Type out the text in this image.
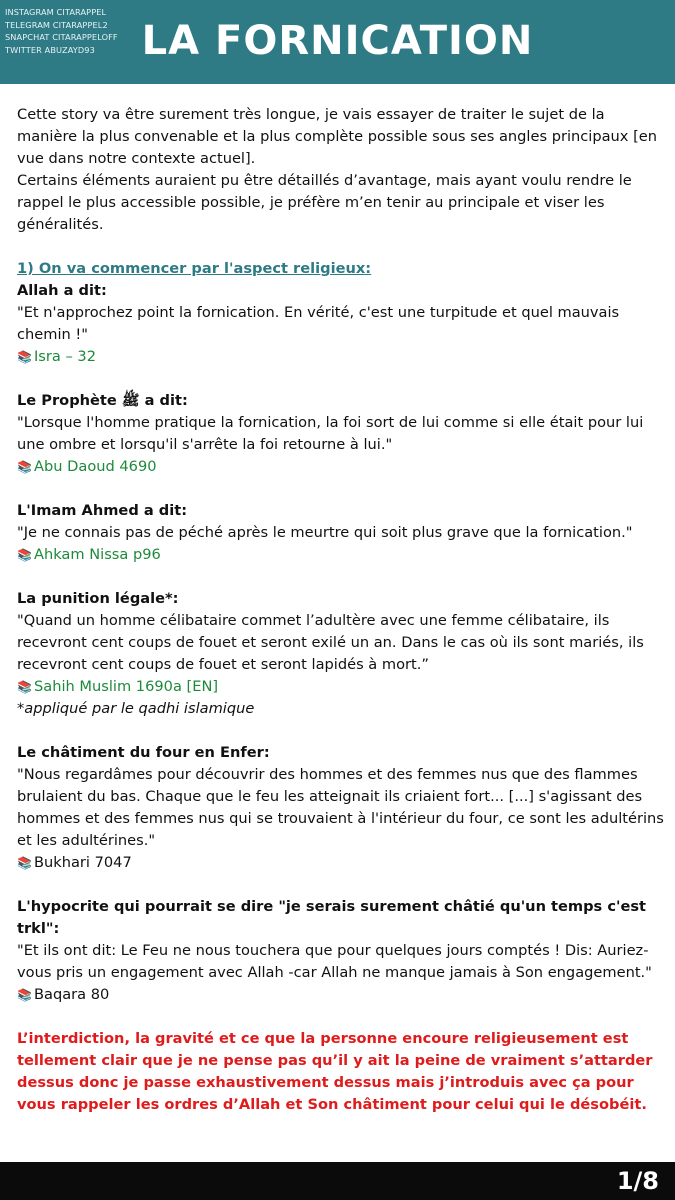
INSTAGRAM CITARAPPEL
TELEGRAM CITARAPPEL2
SNAPCHAT CITARAPPELOFF
TWITTER ABUZAYD93	LA FORNICATION

Cette story va être surement très longue, je vais essayer de traiter le sujet de la manière la plus convenable et la plus complète possible sous ses angles principaux [en vue dans notre contexte actuel].

Certains éléments auraient pu être détaillés d’avantage, mais ayant voulu rendre le rappel le plus accessible possible, je préfère m’en tenir au principale et viser les généralités.

1) On va commencer par l'aspect religieux:

Allah a dit:

"Et n'approchez point la fornication. En vérité, c'est une turpitude et quel mauvais chemin !"

📚 Isra – 32

Le Prophète ﷺ a dit:

"Lorsque l'homme pratique la fornication, la foi sort de lui comme si elle était pour lui une ombre et lorsqu'il s'arrête la foi retourne à lui."

📚 Abu Daoud 4690

L'Imam Ahmed a dit:

"Je ne connais pas de péché après le meurtre qui soit plus grave que la fornication."

📚 Ahkam Nissa p96

La punition légale*:

"Quand un homme célibataire commet l’adultère avec une femme célibataire, ils recevront cent coups de fouet et seront exilé un an. Dans le cas où ils sont mariés, ils recevront cent coups de fouet et seront lapidés à mort.”

📚 Sahih Muslim 1690a [EN]

*appliqué par le qadhi islamique

Le châtiment du four en Enfer:

"Nous regardâmes pour découvrir des hommes et des femmes nus que des flammes brulaient du bas. Chaque que le feu les atteignait ils criaient fort... [...] s'agissant des hommes et des femmes nus qui se trouvaient à l'intérieur du four, ce sont les adultérins et les adultérines."

📚 Bukhari 7047

L'hypocrite qui pourrait se dire "je serais surement châtié qu'un temps c'est trkl":

"Et ils ont dit: Le Feu ne nous touchera que pour quelques jours comptés ! Dis: Auriez-vous pris un engagement avec Allah -car Allah ne manque jamais à Son engagement."

📚 Baqara 80

L’interdiction, la gravité et ce que la personne encoure religieusement est tellement clair que je ne pense pas qu’il y ait la peine de vraiment s’attarder dessus donc je passe exhaustivement dessus mais j’introduis avec ça pour vous rappeler les ordres d’Allah et Son châtiment pour celui qui le désobéit.

1/8
